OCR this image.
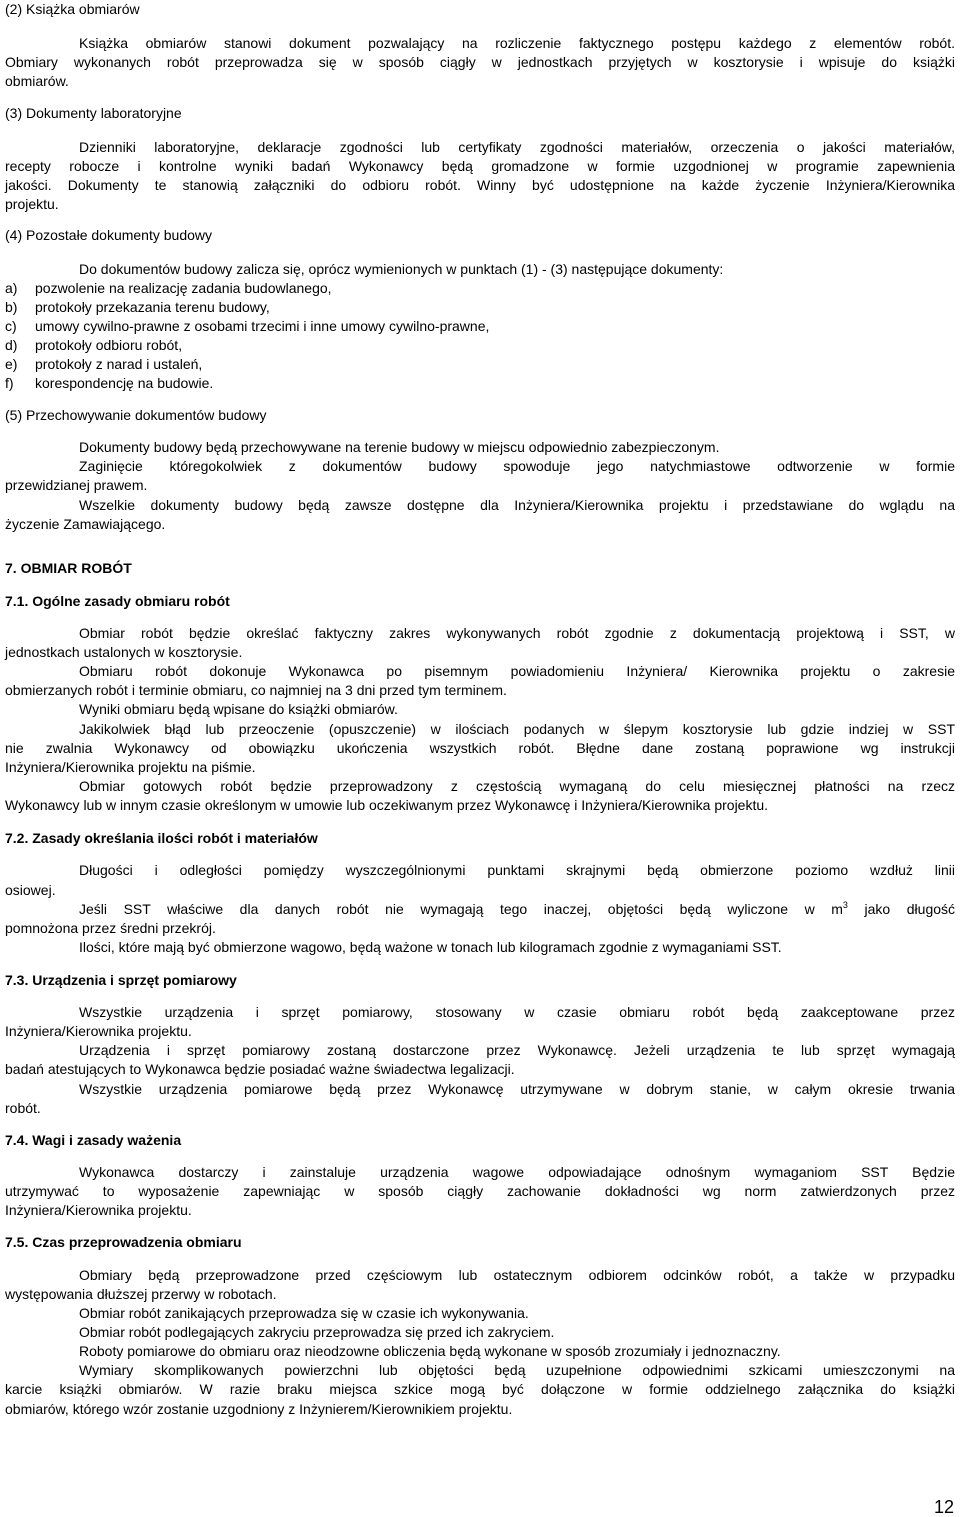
(2) Książka obmiarów
Książka obmiarów stanowi dokument pozwalający na rozliczenie faktycznego postępu każdego z elementów robót.
Obmiary wykonanych robót przeprowadza się w sposób ciągły w jednostkach przyjętych w kosztorysie i wpisuje do książki
obmiarów.
(3) Dokumenty laboratoryjne
Dzienniki laboratoryjne, deklaracje zgodności lub certyfikaty zgodności materiałów, orzeczenia o jakości materiałów,
recepty robocze i kontrolne wyniki badań Wykonawcy będą gromadzone w formie uzgodnionej w programie zapewnienia
jakości. Dokumenty te stanowią załączniki do odbioru robót. Winny być udostępnione na każde życzenie Inżyniera/Kierownika
projektu.
(4) Pozostałe dokumenty budowy
Do dokumentów budowy zalicza się, oprócz wymienionych w punktach (1) - (3) następujące dokumenty:
a) pozwolenie na realizację zadania budowlanego,
b) protokoły przekazania terenu budowy,
c) umowy cywilno-prawne z osobami trzecimi i inne umowy cywilno-prawne,
d) protokoły odbioru robót,
e) protokoły z narad i ustaleń,
f) korespondencję na budowie.
(5) Przechowywanie dokumentów budowy
Dokumenty budowy będą przechowywane na terenie budowy w miejscu odpowiednio zabezpieczonym.
Zaginięcie któregokolwiek z dokumentów budowy spowoduje jego natychmiastowe odtworzenie w formie
przewidzianej prawem.
Wszelkie dokumenty budowy będą zawsze dostępne dla Inżyniera/Kierownika projektu i przedstawiane do wglądu na
życzenie Zamawiającego.
7. OBMIAR ROBÓT
7.1. Ogólne zasady obmiaru robót
Obmiar robót będzie określać faktyczny zakres wykonywanych robót zgodnie z dokumentacją projektową i SST, w
jednostkach ustalonych w kosztorysie.
Obmiaru robót dokonuje Wykonawca po pisemnym powiadomieniu Inżyniera/ Kierownika projektu o zakresie
obmierzanych robót i terminie obmiaru, co najmniej na 3 dni przed tym terminem.
Wyniki obmiaru będą wpisane do książki obmiarów.
Jakikolwiek błąd lub przeoczenie (opuszczenie) w ilościach podanych w ślepym kosztorysie lub gdzie indziej w SST
nie zwalnia Wykonawcy od obowiązku ukończenia wszystkich robót. Błędne dane zostaną poprawione wg instrukcji
Inżyniera/Kierownika projektu na piśmie.
Obmiar gotowych robót będzie przeprowadzony z częstością wymaganą do celu miesięcznej płatności na rzecz
Wykonawcy lub w innym czasie określonym w umowie lub oczekiwanym przez Wykonawcę i Inżyniera/Kierownika projektu.
7.2. Zasady określania ilości robót i materiałów
Długości i odległości pomiędzy wyszczególnionymi punktami skrajnymi będą obmierzone poziomo wzdłuż linii
osiowej.
Jeśli SST właściwe dla danych robót nie wymagają tego inaczej, objętości będą wyliczone w $m^3$ jako długość
pomnożona przez średni przekrój.
Ilości, które mają być obmierzone wagowo, będą ważone w tonach lub kilogramach zgodnie z wymaganiami SST.
7.3. Urządzenia i sprzęt pomiarowy
Wszystkie urządzenia i sprzęt pomiarowy, stosowany w czasie obmiaru robót będą zaakceptowane przez
Inżyniera/Kierownika projektu.
Urządzenia i sprzęt pomiarowy zostaną dostarczone przez Wykonawcę. Jeżeli urządzenia te lub sprzęt wymagają
badań atestujących to Wykonawca będzie posiadać ważne świadectwa legalizacji.
Wszystkie urządzenia pomiarowe będą przez Wykonawcę utrzymywane w dobrym stanie, w całym okresie trwania
robót.
7.4. Wagi i zasady ważenia
Wykonawca dostarczy i zainstaluje urządzenia wagowe odpowiadające odnośnym wymaganiom SST Będzie
utrzymywać to wyposażenie zapewniając w sposób ciągły zachowanie dokładności wg norm zatwierdzonych przez
Inżyniera/Kierownika projektu.
7.5. Czas przeprowadzenia obmiaru
Obmiary będą przeprowadzone przed częściowym lub ostatecznym odbiorem odcinków robót, a także w przypadku
występowania dłuższej przerwy w robotach.
Obmiar robót zanikających przeprowadza się w czasie ich wykonywania.
Obmiar robót podlegających zakryciu przeprowadza się przed ich zakryciem.
Roboty pomiarowe do obmiaru oraz nieodzowne obliczenia będą wykonane w sposób zrozumiały i jednoznaczny.
Wymiary skomplikowanych powierzchni lub objętości będą uzupełnione odpowiednimi szkicami umieszczonymi na
karcie książki obmiarów. W razie braku miejsca szkice mogą być dołączone w formie oddzielnego załącznika do książki
obmiarów, którego wzór zostanie uzgodniony z Inżynierem/Kierownikiem projektu.
12
